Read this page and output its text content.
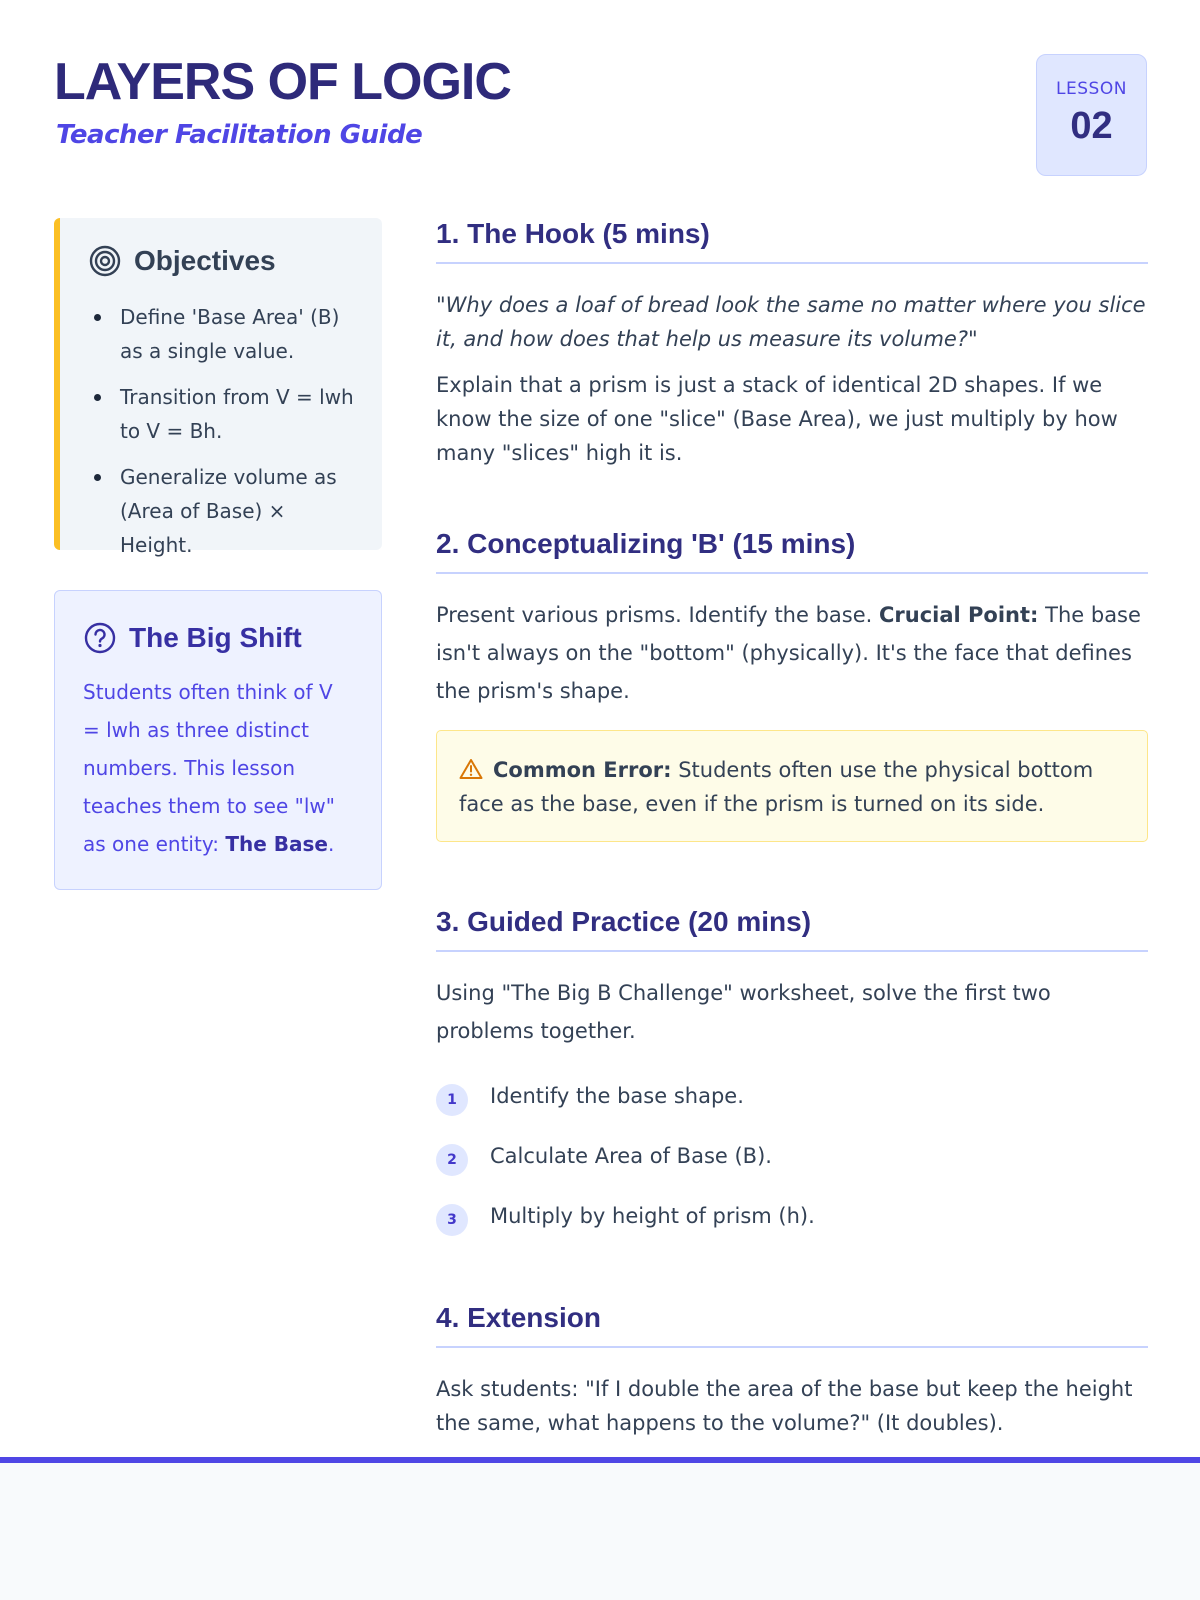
LAYERS OF LOGIC
Teacher Facilitation Guide
LESSON
02
Objectives
Define 'Base Area' (B) as a single value.
Transition from V = lwh to V = Bh.
Generalize volume as (Area of Base) × Height.
The Big Shift

Students often think of V = lwh as three distinct numbers. This lesson teaches them to see "lw" as one entity: The Base.

1. The Hook (5 mins)

"Why does a loaf of bread look the same no matter where you slice it, and how does that help us measure its volume?"

Explain that a prism is just a stack of identical 2D shapes. If we know the size of one "slice" (Base Area), we just multiply by how many "slices" high it is.

2. Conceptualizing 'B' (15 mins)

Present various prisms. Identify the base. Crucial Point: The base isn't always on the "bottom" (physically). It's the face that defines the prism's shape.

Common Error: Students often use the physical bottom face as the base, even if the prism is turned on its side.
3. Guided Practice (20 mins)

Using "The Big B Challenge" worksheet, solve the first two problems together.

1	Identify the base shape.
2	Calculate Area of Base (B).
3	Multiply by height of prism (h).
4. Extension

Ask students: "If I double the area of the base but keep the height the same, what happens to the volume?" (It doubles).
